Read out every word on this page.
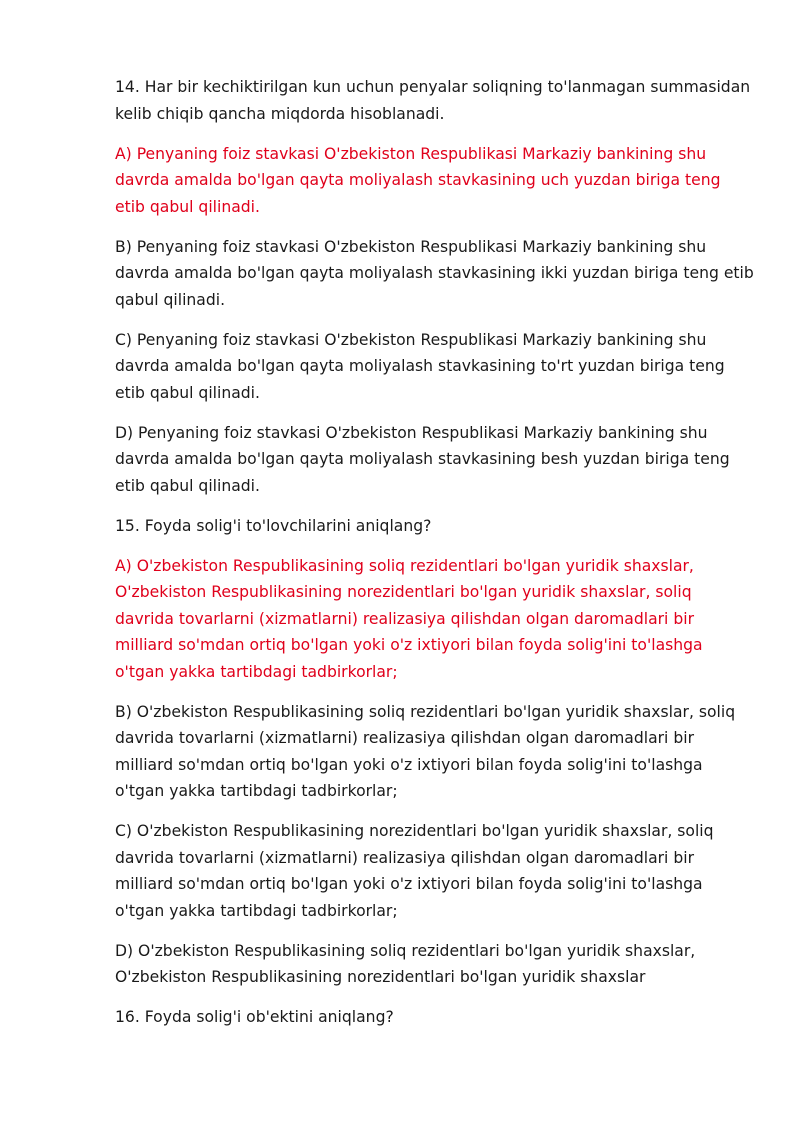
14. Har bir kechiktirilgan kun uchun penyalar soliqning to'lanmagan summasidan kelib chiqib qancha miqdorda hisoblanadi.

A) Penyaning foiz stavkasi O'zbekiston Respublikasi Markaziy bankining shu davrda amalda bo'lgan qayta moliyalash stavkasining uch yuzdan biriga teng etib qabul qilinadi.

B) Penyaning foiz stavkasi O'zbekiston Respublikasi Markaziy bankining shu davrda amalda bo'lgan qayta moliyalash stavkasining ikki yuzdan biriga teng etib qabul qilinadi.

C) Penyaning foiz stavkasi O'zbekiston Respublikasi Markaziy bankining shu davrda amalda bo'lgan qayta moliyalash stavkasining to'rt yuzdan biriga teng etib qabul qilinadi.

D) Penyaning foiz stavkasi O'zbekiston Respublikasi Markaziy bankining shu davrda amalda bo'lgan qayta moliyalash stavkasining besh yuzdan biriga teng etib qabul qilinadi.

15. Foyda solig'i to'lovchilarini aniqlang?

A) O'zbekiston Respublikasining soliq rezidentlari bo'lgan yuridik shaxslar, O'zbekiston Respublikasining norezidentlari bo'lgan yuridik shaxslar, soliq davrida tovarlarni (xizmatlarni) realizasiya qilishdan olgan daromadlari bir milliard so'mdan ortiq bo'lgan yoki o'z ixtiyori bilan foyda solig'ini to'lashga o'tgan yakka tartibdagi tadbirkorlar;

B) O'zbekiston Respublikasining soliq rezidentlari bo'lgan yuridik shaxslar, soliq davrida tovarlarni (xizmatlarni) realizasiya qilishdan olgan daromadlari bir milliard so'mdan ortiq bo'lgan yoki o'z ixtiyori bilan foyda solig'ini to'lashga o'tgan yakka tartibdagi tadbirkorlar;

C) O'zbekiston Respublikasining norezidentlari bo'lgan yuridik shaxslar, soliq davrida tovarlarni (xizmatlarni) realizasiya qilishdan olgan daromadlari bir milliard so'mdan ortiq bo'lgan yoki o'z ixtiyori bilan foyda solig'ini to'lashga o'tgan yakka tartibdagi tadbirkorlar;

D) O'zbekiston Respublikasining soliq rezidentlari bo'lgan yuridik shaxslar, O'zbekiston Respublikasining norezidentlari bo'lgan yuridik shaxslar

16. Foyda solig'i ob'ektini aniqlang?
